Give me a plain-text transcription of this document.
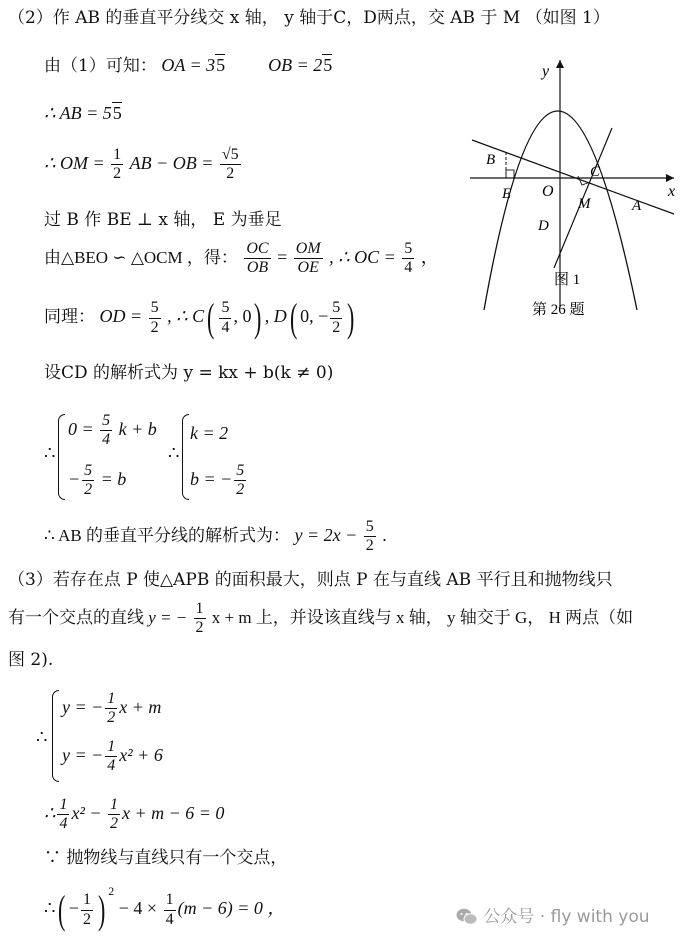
（2）作 AB 的垂直平分线交 x 轴， y 轴于C，D两点，交 AB 于 M （如图 1）
由（1）可知： OA = 35 OB = 25
∴ AB = 55
∴ OM = $\frac{1}{2}$ AB − OB = $\frac{√5}{2}$
过 B 作 BE ⊥ x 轴， E 为垂足
由△BEO ∽ △OCM ，得： $\frac{OC}{OB} = \frac{OM}{OE}$ , ∴ OC = $\frac{5}{4}$ ，
同理： OD = $\frac{5}{2}$ , ∴ $C( \frac{5}{4}$ , 0) , D( 0, − $\frac{5}{2}$ )
设CD 的解析式为 y = kx + b(k ≠ 0)
∴
$0 = \frac{5}{4}$ k + b
− $\frac{5}{2} = b$
∴
k = 2
b = − $\frac{5}{2}$
∴ AB 的垂直平分线的解析式为： $y = 2x - \frac{5}{2}$ .
（3）若存在点 P 使△APB 的面积最大，则点 P 在与直线 AB 平行且和抛物线只
有一个交点的直线 y = − $\frac{1}{2}$ x + m 上，并设该直线与 x 轴， y 轴交于 G， H 两点（如
图 2).
∴
y = − $\frac{1}{2}$ x + m
y = − $\frac{1}{4} x^2 + 6$
∴ $\frac{1}{4} x^2 - \frac{1}{2}$ x + m − 6 = 0
∵ 抛物线与直线只有一个交点，
∴( − $\frac{1}{2}$ ) $^2 - 4 \times \frac{1}{4} (m - 6) = 0$ ，
y
x
O
B
E
C
M	A
D
图 1
第 26 题
公众号 · fly with you
